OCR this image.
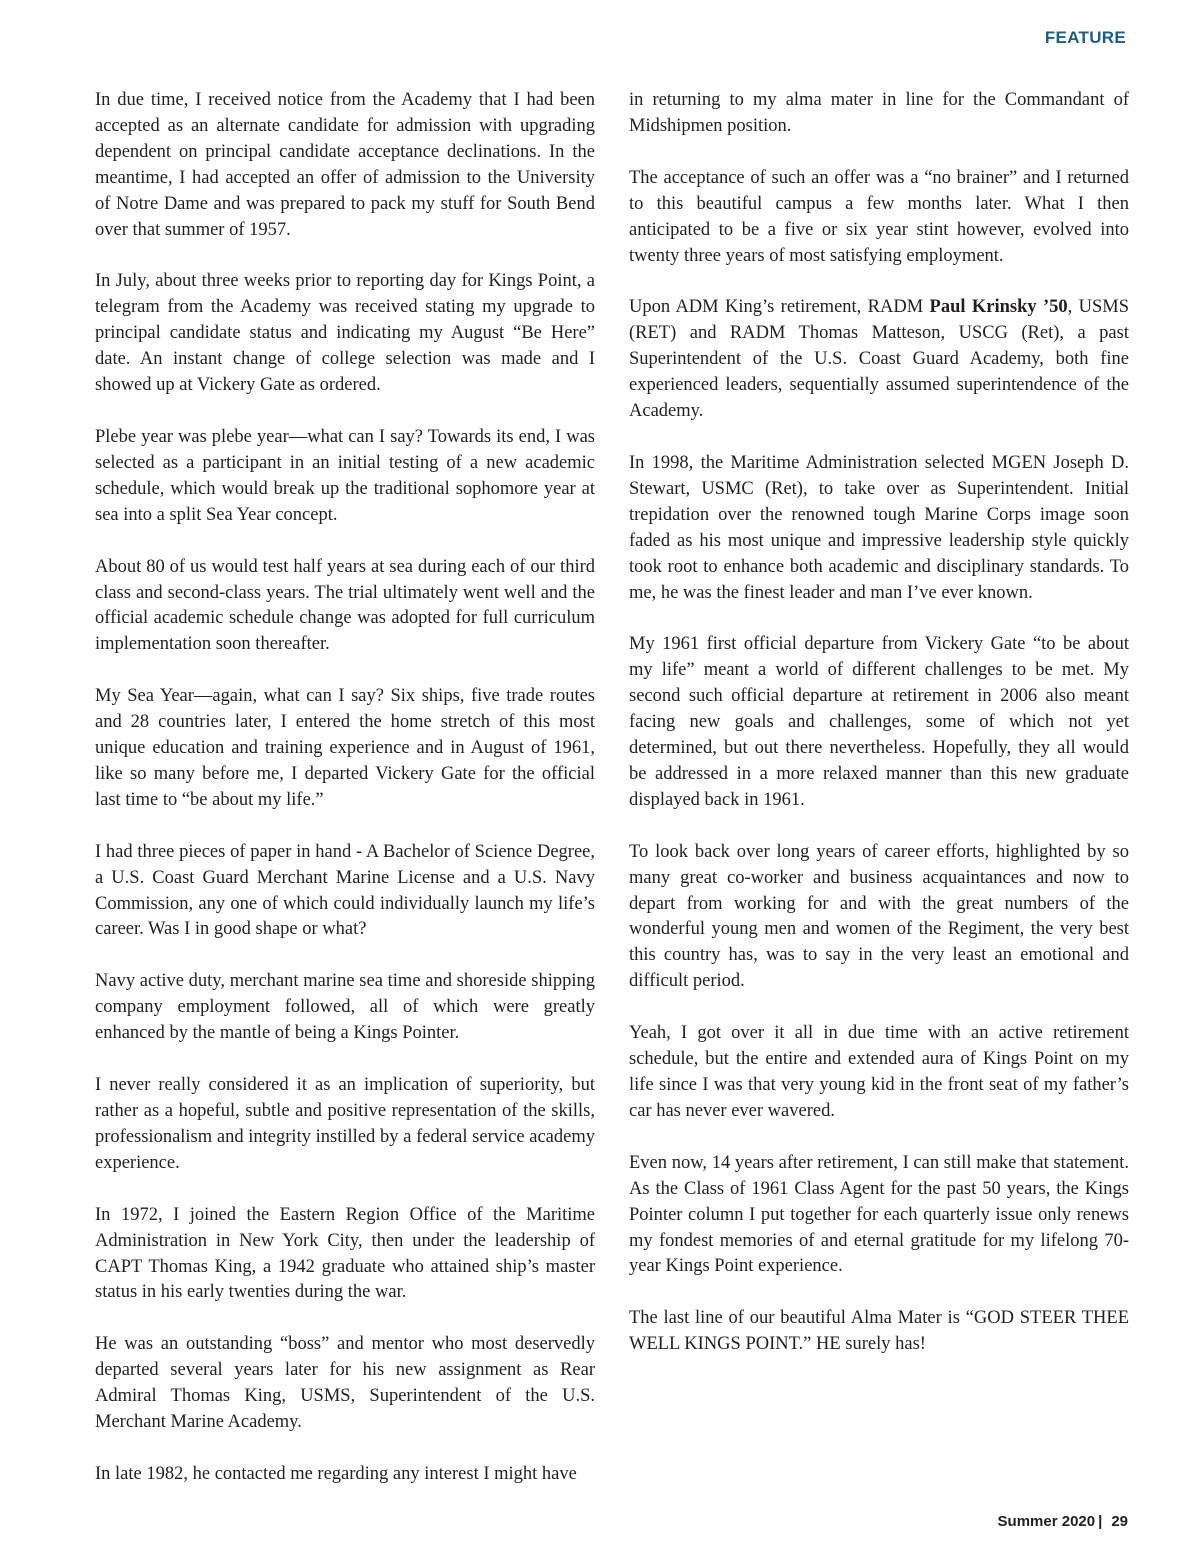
FEATURE

In due time, I received notice from the Academy that I had been accepted as an alternate candidate for admission with upgrading dependent on principal candidate acceptance declinations. In the meantime, I had accepted an offer of admission to the University of Notre Dame and was prepared to pack my stuff for South Bend over that summer of 1957.

In July, about three weeks prior to reporting day for Kings Point, a telegram from the Academy was received stating my upgrade to principal candidate status and indicating my August “Be Here” date. An instant change of college selection was made and I showed up at Vickery Gate as ordered.

Plebe year was plebe year—what can I say? Towards its end, I was selected as a participant in an initial testing of a new academic schedule, which would break up the traditional sophomore year at sea into a split Sea Year concept.

About 80 of us would test half years at sea during each of our third class and second-class years. The trial ultimately went well and the official academic schedule change was adopted for full curriculum implementation soon thereafter.

My Sea Year—again, what can I say? Six ships, five trade routes and 28 countries later, I entered the home stretch of this most unique education and training experience and in August of 1961, like so many before me, I departed Vickery Gate for the official last time to “be about my life.”

I had three pieces of paper in hand - A Bachelor of Science Degree, a U.S. Coast Guard Merchant Marine License and a U.S. Navy Commission, any one of which could individually launch my life’s career. Was I in good shape or what?

Navy active duty, merchant marine sea time and shoreside shipping company employment followed, all of which were greatly enhanced by the mantle of being a Kings Pointer.

I never really considered it as an implication of superiority, but rather as a hopeful, subtle and positive representation of the skills, professionalism and integrity instilled by a federal service academy experience.

In 1972, I joined the Eastern Region Office of the Maritime Administration in New York City, then under the leadership of CAPT Thomas King, a 1942 graduate who attained ship’s master status in his early twenties during the war.

He was an outstanding “boss” and mentor who most deservedly departed several years later for his new assignment as Rear Admiral Thomas King, USMS, Superintendent of the U.S. Merchant Marine Academy.

In late 1982, he contacted me regarding any interest I might have

in returning to my alma mater in line for the Commandant of Midshipmen position.

The acceptance of such an offer was a “no brainer” and I returned to this beautiful campus a few months later. What I then anticipated to be a five or six year stint however, evolved into twenty three years of most satisfying employment.

Upon ADM King’s retirement, RADM Paul Krinsky ’50, USMS (RET) and RADM Thomas Matteson, USCG (Ret), a past Superintendent of the U.S. Coast Guard Academy, both fine experienced leaders, sequentially assumed superintendence of the Academy.

In 1998, the Maritime Administration selected MGEN Joseph D. Stewart, USMC (Ret), to take over as Superintendent. Initial trepidation over the renowned tough Marine Corps image soon faded as his most unique and impressive leadership style quickly took root to enhance both academic and disciplinary standards. To me, he was the finest leader and man I’ve ever known.

My 1961 first official departure from Vickery Gate “to be about my life” meant a world of different challenges to be met. My second such official departure at retirement in 2006 also meant facing new goals and challenges, some of which not yet determined, but out there nevertheless. Hopefully, they all would be addressed in a more relaxed manner than this new graduate displayed back in 1961.

To look back over long years of career efforts, highlighted by so many great co-worker and business acquaintances and now to depart from working for and with the great numbers of the wonderful young men and women of the Regiment, the very best this country has, was to say in the very least an emotional and difficult period.

Yeah, I got over it all in due time with an active retirement schedule, but the entire and extended aura of Kings Point on my life since I was that very young kid in the front seat of my father’s car has never ever wavered.

Even now, 14 years after retirement, I can still make that statement. As the Class of 1961 Class Agent for the past 50 years, the Kings Pointer column I put together for each quarterly issue only renews my fondest memories of and eternal gratitude for my lifelong 70-year Kings Point experience.

The last line of our beautiful Alma Mater is “GOD STEER THEE WELL KINGS POINT.” HE surely has!

Summer 2020 | 29
